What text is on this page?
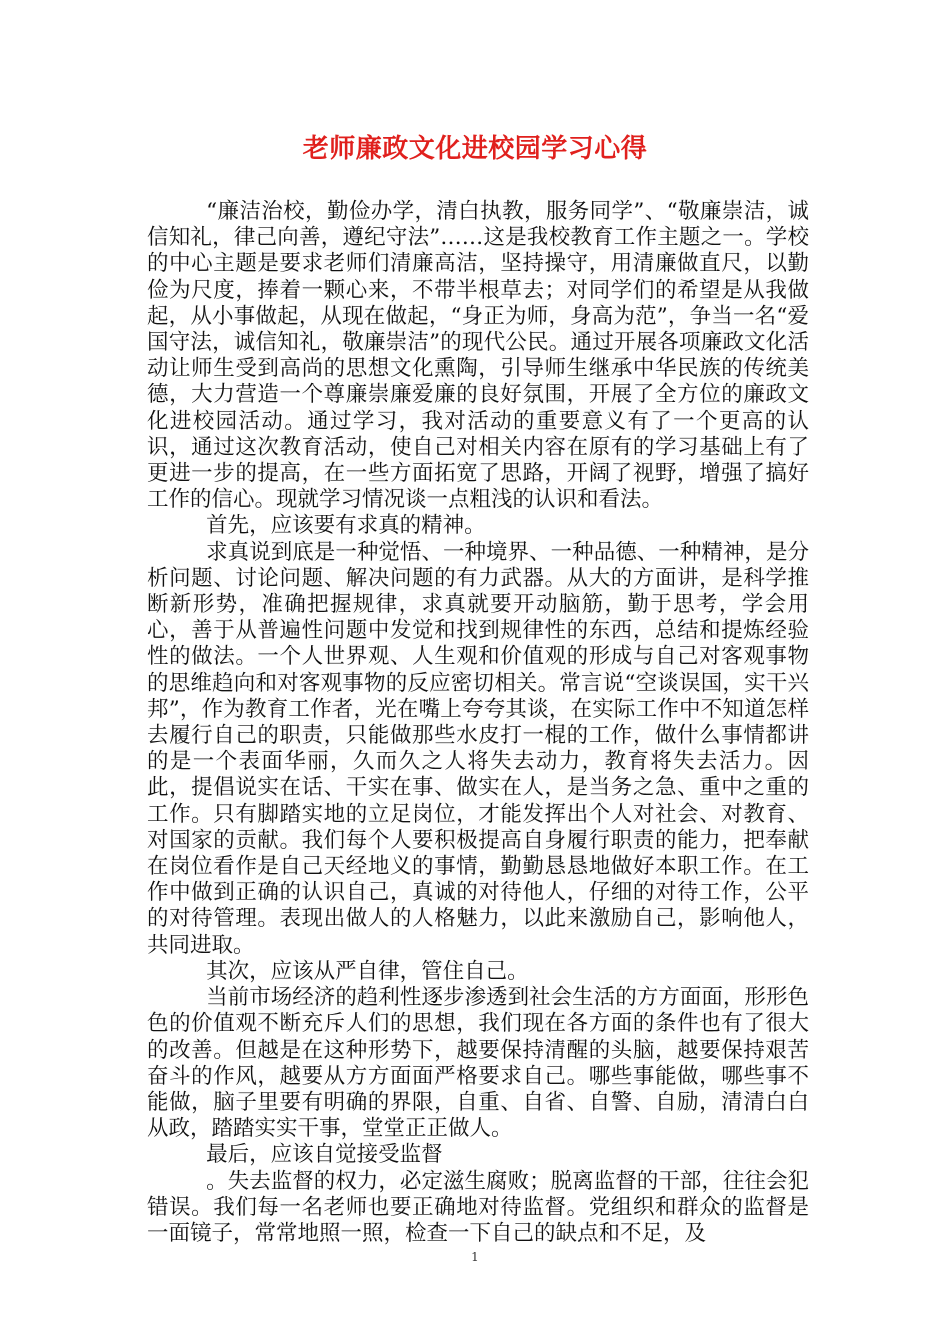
老师廉政文化进校园学习心得

“廉洁治校，勤俭办学，清白执教，服务同学”、“敬廉崇洁，诚信知礼，律己向善，遵纪守法”……这是我校教育工作主题之一。学校的中心主题是要求老师们清廉高洁，坚持操守，用清廉做直尺，以勤俭为尺度，捧着一颗心来，不带半根草去；对同学们的希望是从我做起，从小事做起，从现在做起，“身正为师，身高为范”，争当一名“爱国守法，诚信知礼，敬廉崇洁”的现代公民。通过开展各项廉政文化活动让师生受到高尚的思想文化熏陶，引导师生继承中华民族的传统美德，大力营造一个尊廉崇廉爱廉的良好氛围，开展了全方位的廉政文化进校园活动。通过学习，我对活动的重要意义有了一个更高的认识，通过这次教育活动，使自己对相关内容在原有的学习基础上有了更进一步的提高，在一些方面拓宽了思路，开阔了视野，增强了搞好工作的信心。现就学习情况谈一点粗浅的认识和看法。

首先，应该要有求真的精神。

求真说到底是一种觉悟、一种境界、一种品德、一种精神，是分析问题、讨论问题、解决问题的有力武器。从大的方面讲，是科学推断新形势，准确把握规律，求真就要开动脑筋，勤于思考，学会用心，善于从普遍性问题中发觉和找到规律性的东西，总结和提炼经验性的做法。一个人世界观、人生观和价值观的形成与自己对客观事物的思维趋向和对客观事物的反应密切相关。常言说“空谈误国，实干兴邦”，作为教育工作者，光在嘴上夸夸其谈，在实际工作中不知道怎样去履行自己的职责，只能做那些水皮打一棍的工作，做什么事情都讲的是一个表面华丽，久而久之人将失去动力，教育将失去活力。因此，提倡说实在话、干实在事、做实在人，是当务之急、重中之重的工作。只有脚踏实地的立足岗位，才能发挥出个人对社会、对教育、对国家的贡献。我们每个人要积极提高自身履行职责的能力，把奉献在岗位看作是自己天经地义的事情，勤勤恳恳地做好本职工作。在工作中做到正确的认识自己，真诚的对待他人，仔细的对待工作，公平的对待管理。表现出做人的人格魅力，以此来激励自己，影响他人，共同进取。

其次，应该从严自律，管住自己。

当前市场经济的趋利性逐步渗透到社会生活的方方面面，形形色色的价值观不断充斥人们的思想，我们现在各方面的条件也有了很大的改善。但越是在这种形势下，越要保持清醒的头脑，越要保持艰苦奋斗的作风，越要从方方面面严格要求自己。哪些事能做，哪些事不能做，脑子里要有明确的界限，自重、自省、自警、自励，清清白白从政，踏踏实实干事，堂堂正正做人。

最后，应该自觉接受监督

。失去监督的权力，必定滋生腐败；脱离监督的干部，往往会犯错误。我们每一名老师也要正确地对待监督。党组织和群众的监督是一面镜子，常常地照一照，检查一下自己的缺点和不足，及

1
